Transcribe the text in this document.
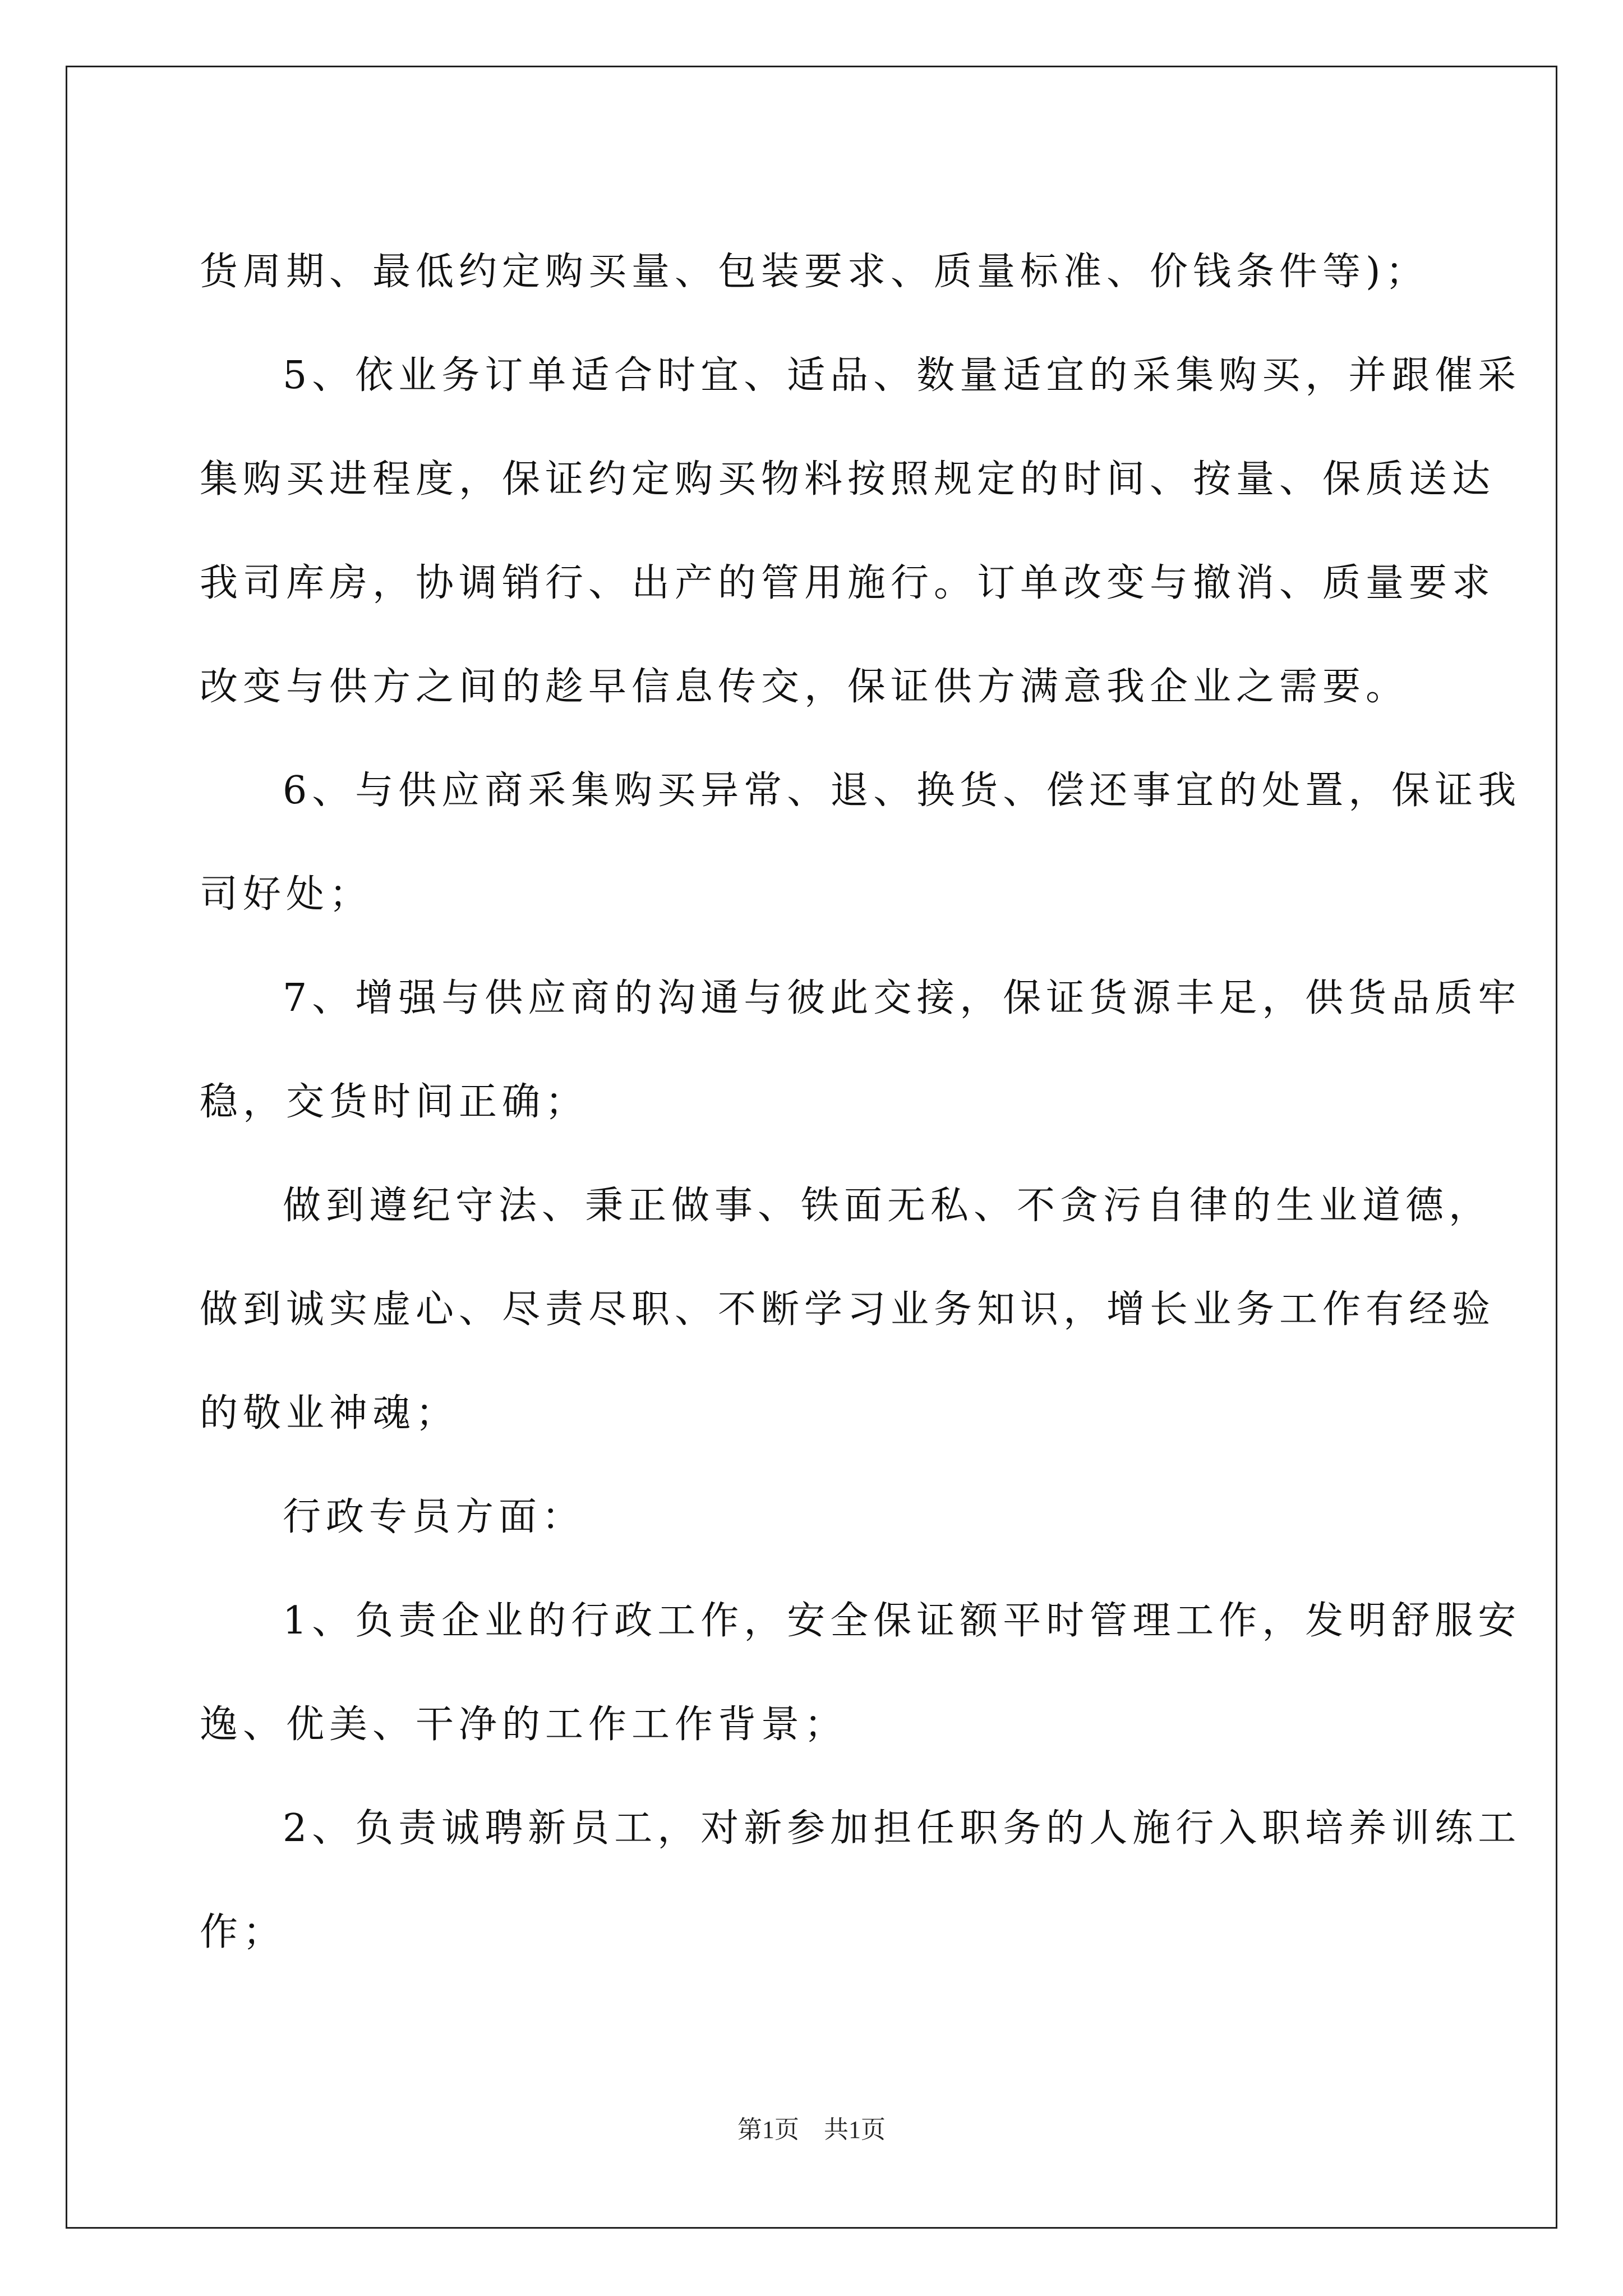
货周期、最低约定购买量、包装要求、质量标准、价钱条件等)；
5、依业务订单适合时宜、适品、数量适宜的采集购买，并跟催采
集购买进程度，保证约定购买物料按照规定的时间、按量、保质送达
我司库房，协调销行、出产的管用施行。订单改变与撤消、质量要求
改变与供方之间的趁早信息传交，保证供方满意我企业之需要。
6、与供应商采集购买异常、退、换货、偿还事宜的处置，保证我
司好处；
7、增强与供应商的沟通与彼此交接，保证货源丰足，供货品质牢
稳，交货时间正确；
做到遵纪守法、秉正做事、铁面无私、不贪污自律的生业道德，
做到诚实虚心、尽责尽职、不断学习业务知识，增长业务工作有经验
的敬业神魂；
行政专员方面：
1、负责企业的行政工作，安全保证额平时管理工作，发明舒服安
逸、优美、干净的工作工作背景；
2、负责诚聘新员工，对新参加担任职务的人施行入职培养训练工
作；
第1页　共1页
